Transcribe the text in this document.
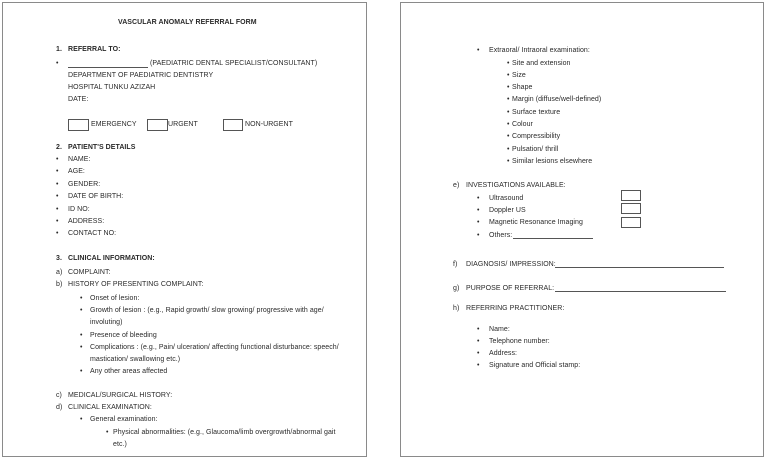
VASCULAR ANOMALY REFERRAL FORM
1. REFERRAL TO:
•	(PAEDIATRIC DENTAL SPECIALIST/CONSULTANT)
DEPARTMENT OF PAEDIATRIC DENTISTRY
HOSPITAL TUNKU AZIZAH
DATE:
EMERGENCY	URGENT	NON-URGENT
2. PATIENT'S DETAILS
• NAME:
• AGE:
• GENDER:
• DATE OF BIRTH:
• ID NO:
• ADDRESS:
• CONTACT NO:
3. CLINICAL INFORMATION:
a) COMPLAINT:
b) HISTORY OF PRESENTING COMPLAINT:
• Onset of lesion:
• Growth of lesion : (e.g., Rapid growth/ slow growing/ progressive with age/
involuting)
• Presence of bleeding
• Complications : (e.g., Pain/ ulceration/ affecting functional disturbance: speech/
mastication/ swallowing etc.)
• Any other areas affected
c) MEDICAL/SURGICAL HISTORY:
d) CLINICAL EXAMINATION:
• General examination:
• Physical abnormalities: (e.g., Glaucoma/limb overgrowth/abnormal gait
etc.)
• Extraoral/ Intraoral examination:
• Site and extension
• Size
• Shape
• Margin (diffuse/well-defined)
• Surface texture
• Colour
• Compressibility
• Pulsation/ thrill
• Similar lesions elsewhere
e) INVESTIGATIONS AVAILABLE:
• Ultrasound
• Doppler US
• Magnetic Resonance Imaging
• Others:
f) DIAGNOSIS/ IMPRESSION:
g) PURPOSE OF REFERRAL:
h) REFERRING PRACTITIONER:
• Name:
• Telephone number:
• Address:
• Signature and Official stamp:
